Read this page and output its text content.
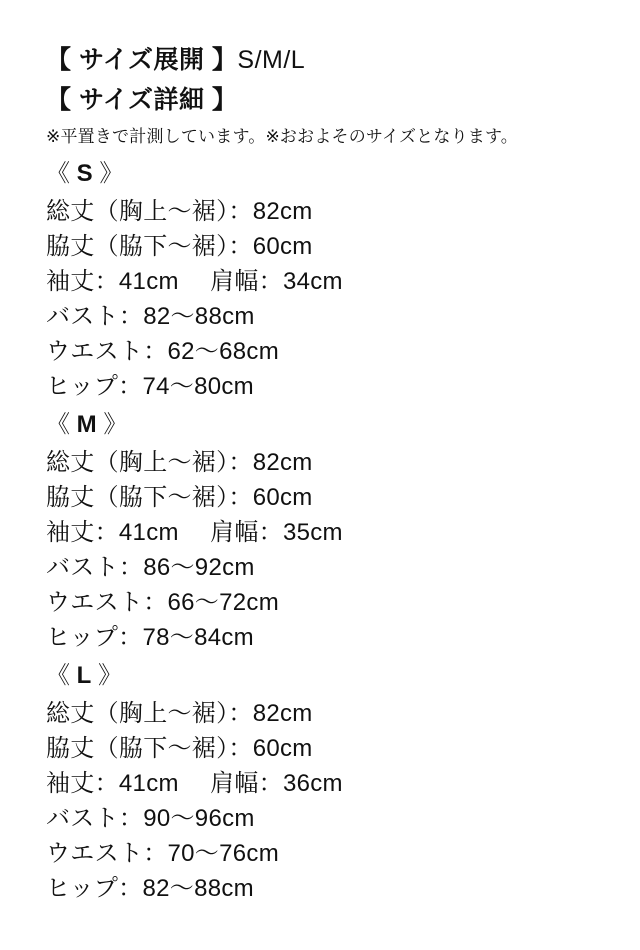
【 サイズ展開 】S/M/L
【 サイズ詳細 】

※平置きで計測しています。※おおよそのサイズとなります。

《 S 》

総丈（胸上〜裾）：82cm

脇丈（脇下〜裾）：60cm

袖丈：41cm　 肩幅：34cm

バスト：82〜88cm

ウエスト：62〜68cm

ヒップ：74〜80cm

《 M 》

総丈（胸上〜裾）：82cm

脇丈（脇下〜裾）：60cm

袖丈：41cm　 肩幅：35cm

バスト：86〜92cm

ウエスト：66〜72cm

ヒップ：78〜84cm

《 L 》

総丈（胸上〜裾）：82cm

脇丈（脇下〜裾）：60cm

袖丈：41cm　 肩幅：36cm

バスト：90〜96cm

ウエスト：70〜76cm

ヒップ：82〜88cm
